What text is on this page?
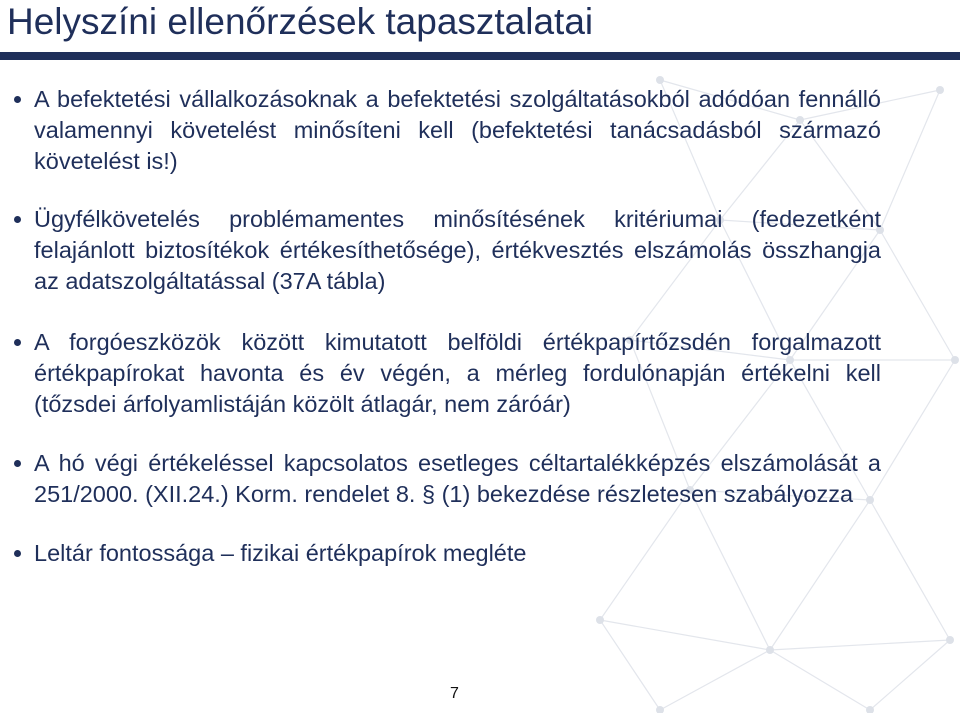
Helyszíni ellenőrzések tapasztalatai
A befektetési vállalkozásoknak a befektetési szolgáltatásokból adódóan fennálló valamennyi követelést minősíteni kell (befektetési tanácsadásból származó követelést is!)
Ügyfélkövetelés problémamentes minősítésének kritériumai (fedezetként felajánlott biztosítékok értékesíthetősége), értékvesztés elszámolás összhangja az adatszolgáltatással (37A tábla)
A forgóeszközök között kimutatott belföldi értékpapírtőzsdén forgalmazott értékpapírokat havonta és év végén, a mérleg fordulónapján értékelni kell (tőzsdei árfolyamlistáján közölt átlagár, nem záróár)
A hó végi értékeléssel kapcsolatos esetleges céltartalékképzés elszámolását a 251/2000. (XII.24.) Korm. rendelet 8. § (1) bekezdése részletesen szabályozza
Leltár fontossága – fizikai értékpapírok megléte
7
